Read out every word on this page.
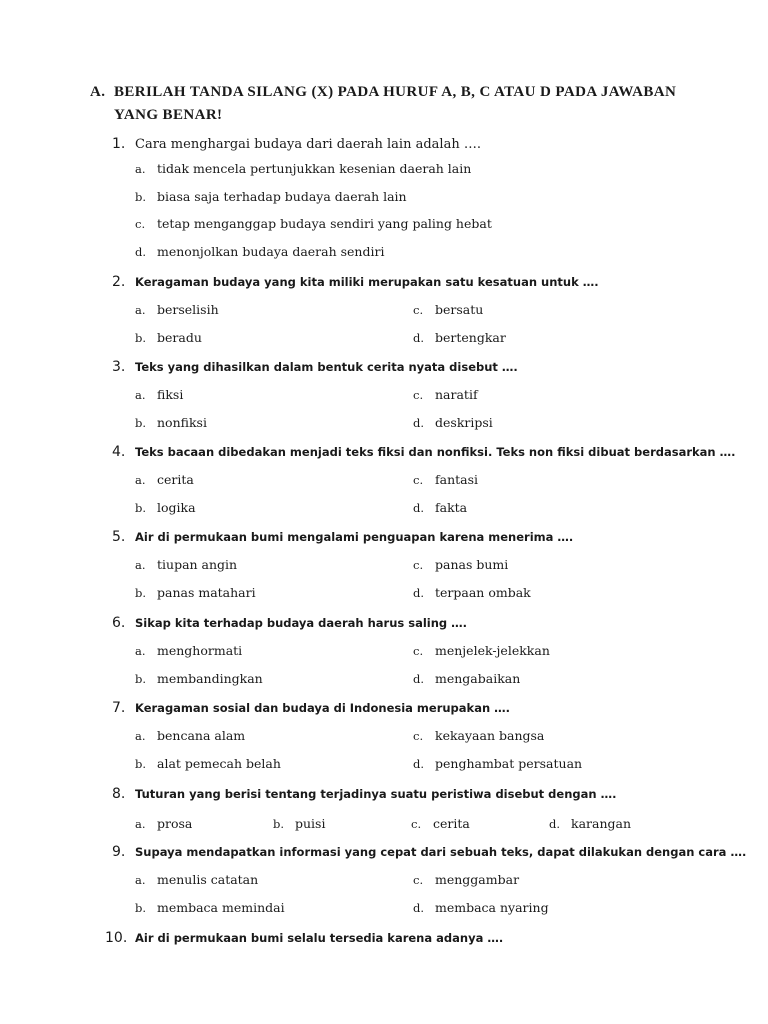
A. BERILAH TANDA SILANG (X) PADA HURUF A, B, C ATAU D PADA JAWABAN
YANG BENAR!
1. Cara menghargai budaya dari daerah lain adalah ….
a. tidak mencela pertunjukkan kesenian daerah lain
b. biasa saja terhadap budaya daerah lain
c. tetap menganggap budaya sendiri yang paling hebat
d. menonjolkan budaya daerah sendiri
2. Keragaman budaya yang kita miliki merupakan satu kesatuan untuk ….
a. berselisih	c. bersatu
b. beradu	d. bertengkar
3. Teks yang dihasilkan dalam bentuk cerita nyata disebut ….
a. fiksi	c. naratif
b. nonfiksi	d. deskripsi
4. Teks bacaan dibedakan menjadi teks fiksi dan nonfiksi. Teks non fiksi dibuat berdasarkan ….
a. cerita	c. fantasi
b. logika	d. fakta
5. Air di permukaan bumi mengalami penguapan karena menerima ….
a. tiupan angin	c. panas bumi
b. panas matahari	d. terpaan ombak
6. Sikap kita terhadap budaya daerah harus saling ….
a. menghormati	c. menjelek-jelekkan
b. membandingkan	d. mengabaikan
7. Keragaman sosial dan budaya di Indonesia merupakan ….
a. bencana alam	c. kekayaan bangsa
b. alat pemecah belah	d. penghambat persatuan
8. Tuturan yang berisi tentang terjadinya suatu peristiwa disebut dengan ….
a. prosa	b. puisi	c. cerita	d. karangan
9. Supaya mendapatkan informasi yang cepat dari sebuah teks, dapat dilakukan dengan cara ….
a. menulis catatan	c. menggambar
b. membaca memindai	d. membaca nyaring
10. Air di permukaan bumi selalu tersedia karena adanya ….
